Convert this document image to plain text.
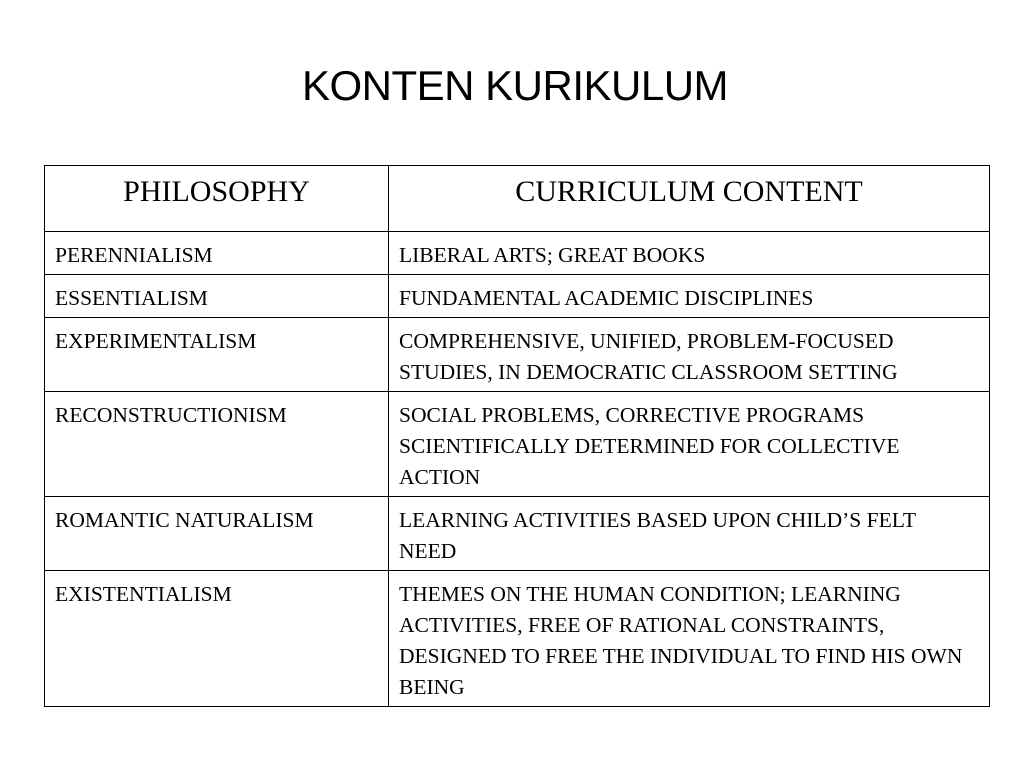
KONTEN KURIKULUM
PHILOSOPHY	CURRICULUM CONTENT
PERENNIALISM	LIBERAL ARTS; GREAT BOOKS
ESSENTIALISM	FUNDAMENTAL ACADEMIC DISCIPLINES
EXPERIMENTALISM	COMPREHENSIVE, UNIFIED, PROBLEM-FOCUSED STUDIES, IN DEMOCRATIC CLASSROOM SETTING
RECONSTRUCTIONISM	SOCIAL PROBLEMS, CORRECTIVE PROGRAMS SCIENTIFICALLY DETERMINED FOR COLLECTIVE ACTION
ROMANTIC NATURALISM	LEARNING ACTIVITIES BASED UPON CHILD’S FELT NEED
EXISTENTIALISM	THEMES ON THE HUMAN CONDITION; LEARNING ACTIVITIES, FREE OF RATIONAL CONSTRAINTS, DESIGNED TO FREE THE INDIVIDUAL TO FIND HIS OWN BEING
